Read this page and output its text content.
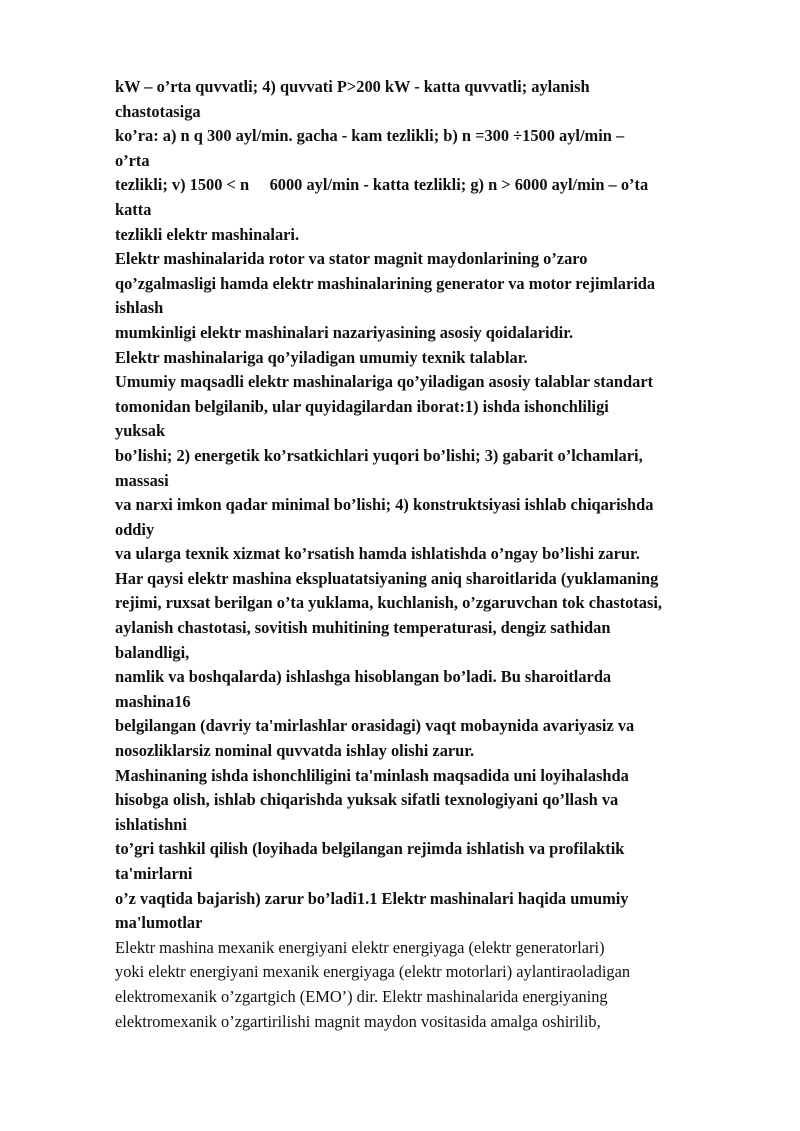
kW – o’rta quvvatli; 4) quvvati P>200 kW - katta quvvatli; aylanish
chastotasiga
ko’ra: a) n q 300 ayl/min. gacha - kam tezlikli; b) n =300 ÷1500 ayl/min –
o’rta
tezlikli; v) 1500 < n     6000 ayl/min - katta tezlikli; g) n > 6000 ayl/min – o’ta
katta
tezlikli elektr mashinalari.
Elektr mashinalarida rotor va stator magnit maydonlarining o’zaro
qo’zgalmasligi hamda elektr mashinalarining generator va motor rejimlarida
ishlash
mumkinligi elektr mashinalari nazariyasining asosiy qoidalaridir.
Elektr mashinalariga qo’yiladigan umumiy texnik talablar.
Umumiy maqsadli elektr mashinalariga qo’yiladigan asosiy talablar standart
tomonidan belgilanib, ular quyidagilardan iborat:1) ishda ishonchliligi
yuksak
bo’lishi; 2) energetik ko’rsatkichlari yuqori bo’lishi; 3) gabarit o’lchamlari,
massasi
va narxi imkon qadar minimal bo’lishi; 4) konstruktsiyasi ishlab chiqarishda
oddiy
va ularga texnik xizmat ko’rsatish hamda ishlatishda o’ngay bo’lishi zarur.
Har qaysi elektr mashina ekspluatatsiyaning aniq sharoitlarida (yuklamaning
rejimi, ruxsat berilgan o’ta yuklama, kuchlanish, o’zgaruvchan tok chastotasi,
aylanish chastotasi, sovitish muhitining temperaturasi, dengiz sathidan
balandligi,
namlik va boshqalarda) ishlashga hisoblangan bo’ladi. Bu sharoitlarda
mashina16
belgilangan (davriy ta'mirlashlar orasidagi) vaqt mobaynida avariyasiz va
nosozliklarsiz nominal quvvatda ishlay olishi zarur.
Mashinaning ishda ishonchliligini ta'minlash maqsadida uni loyihalashda
hisobga olish, ishlab chiqarishda yuksak sifatli texnologiyani qo’llash va
ishlatishni
to’gri tashkil qilish (loyihada belgilangan rejimda ishlatish va profilaktik
ta'mirlarni
o’z vaqtida bajarish) zarur bo’ladi1.1 Elektr mashinalari haqida umumiy
ma'lumotlar
Elektr mashina mexanik energiyani elektr energiyaga (elektr generatorlari)
yoki elektr energiyani mexanik energiyaga (elektr motorlari) aylantiraoladigan
elektromexanik o’zgartgich (EMO’) dir. Elektr mashinalarida energiyaning
elektromexanik o’zgartirilishi magnit maydon vositasida amalga oshirilib,
